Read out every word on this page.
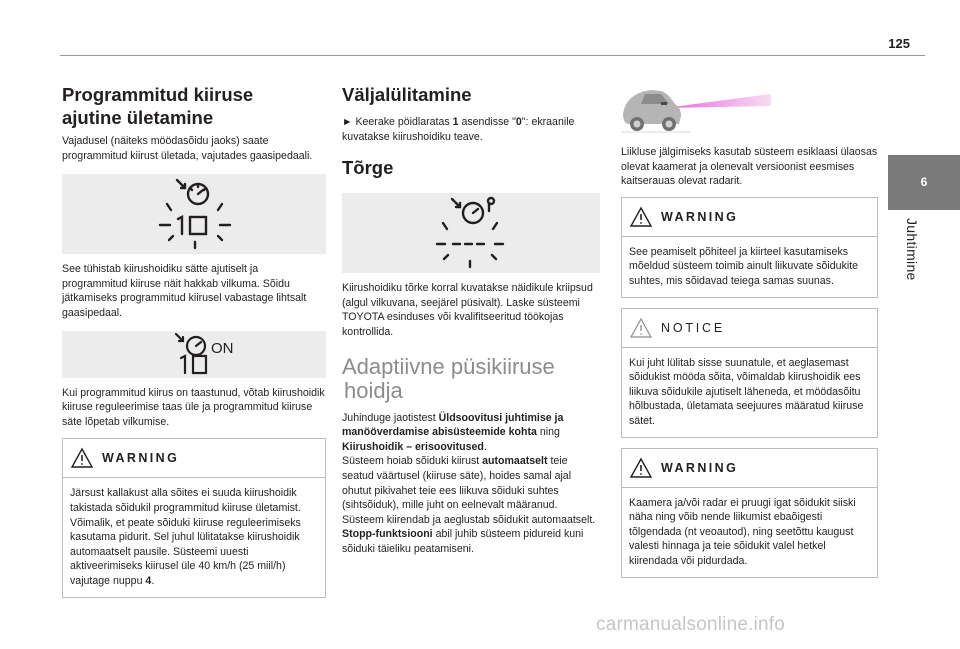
125
6
Juhtimine
Programmitud kiiruse
ajutine ületamine

Vajadusel (näiteks möödasõidu jaoks) saate programmitud kiirust ületada, vajutades gaasipedaali.

See tühistab kiirushoidiku sätte ajutiselt ja programmitud kiiruse näit hakkab vilkuma. Sõidu jätkamiseks programmitud kiirusel vabastage lihtsalt gaasipedaal.

ON

Kui programmitud kiirus on taastunud, võtab kiirushoidik kiiruse reguleerimise taas üle ja programmitud kiiruse säte lõpetab vilkumise.

WARNING

Järsust kallakust alla sõites ei suuda kiirushoidik takistada sõidukil programmitud kiiruse ületamist.

Võimalik, et peate sõiduki kiiruse reguleerimiseks kasutama pidurit. Sel juhul lülitatakse kiirushoidik automaatselt pausile. Süsteemi uuesti aktiveerimiseks kiirusel üle 40 km/h (25 miil/h) vajutage nuppu 4.

Väljalülitamine

► Keerake pöidlaratas 1 asendisse "0": ekraanile kuvatakse kiirushoidiku teave.

Tõrge

Kiirushoidiku tõrke korral kuvatakse näidikule kriipsud (algul vilkuvana, seejärel püsivalt). Laske süsteemi TOYOTA esinduses või kvalifitseeritud töökojas kontrollida.

Adaptiivne püsikiiruse
hoidja

Juhinduge jaotistest Üldsoovitusi juhtimise ja manööverdamise abisüsteemide kohta ning Kiirushoidik – erisoovitused.

Süsteem hoiab sõiduki kiirust automaatselt teie seatud väärtusel (kiiruse säte), hoides samal ajal ohutut pikivahet teie ees liikuva sõiduki suhtes (sihtsõiduk), mille juht on eelnevalt määranud. Süsteem kiirendab ja aeglustab sõidukit automaatselt.

Stopp-funktsiooni abil juhib süsteem pidureid kuni sõiduki täieliku peatamiseni.

Liikluse jälgimiseks kasutab süsteem esiklaasi ülaosas olevat kaamerat ja olenevalt versioonist eesmises kaitserauas olevat radarit.

WARNING

See peamiselt põhiteel ja kiirteel kasutamiseks mõeldud süsteem toimib ainult liikuvate sõidukite suhtes, mis sõidavad teiega samas suunas.

NOTICE

Kui juht lülitab sisse suunatule, et aeglasemast sõidukist mööda sõita, võimaldab kiirushoidik ees liikuva sõidukile ajutiselt läheneda, et möödasõitu hõlbustada, ületamata seejuures määratud kiiruse sätet.

WARNING

Kaamera ja/või radar ei pruugi igat sõidukit siiski näha ning võib nende liikumist ebaõigesti tõlgendada (nt veoautod), ning seetõttu kaugust valesti hinnaga ja teie sõidukit valel hetkel kiirendada või pidurdada.

carmanualsonline.info
